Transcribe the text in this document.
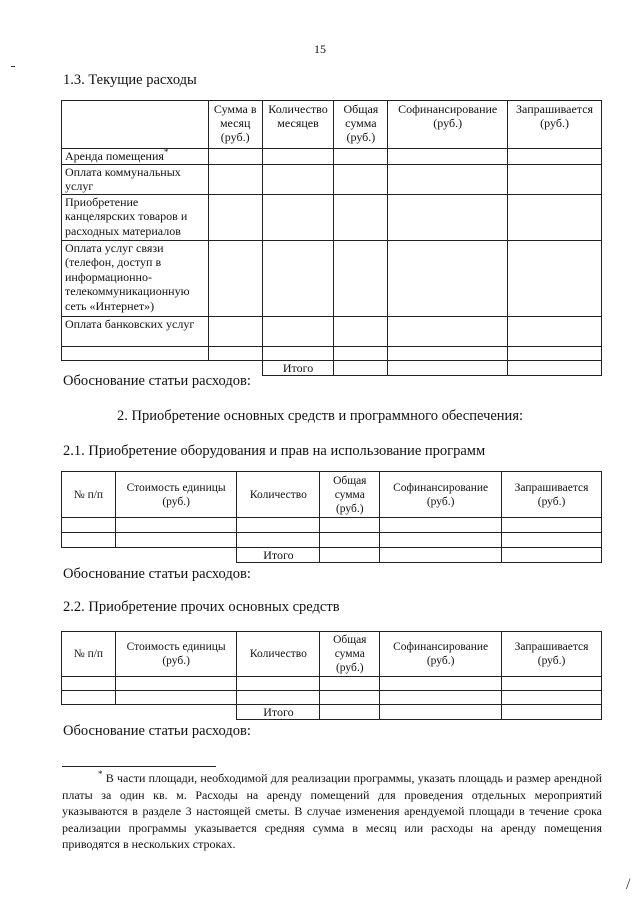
15
1.3. Текущие расходы
	Сумма в месяц (руб.)	Количество месяцев	Общая сумма (руб.)	Софинансирование (руб.)	Запрашивается (руб.)
Аренда помещения*					
Оплата коммунальных услуг					
Приобретение канцелярских товаров и расходных материалов					
Оплата услуг связи (телефон, доступ в информационно-телекоммуникационную сеть «Интернет»)					
Оплата банковских услуг					

		Итого			
Обоснование статьи расходов:
2. Приобретение основных средств и программного обеспечения:
2.1. Приобретение оборудования и прав на использование программ
№ п/п	Стоимость единицы (руб.)	Количество	Общая сумма (руб.)	Софинансирование (руб.)	Запрашивается (руб.)

		Итого			
Обоснование статьи расходов:
2.2. Приобретение прочих основных средств
№ п/п	Стоимость единицы (руб.)	Количество	Общая сумма (руб.)	Софинансирование (руб.)	Запрашивается (руб.)

		Итого			
Обоснование статьи расходов:
* В части площади, необходимой для реализации программы, указать площадь и размер арендной платы за один кв. м. Расходы на аренду помещений для проведения отдельных мероприятий указываются в разделе 3 настоящей сметы. В случае изменения арендуемой площади в течение срока реализации программы указывается средняя сумма в месяц или расходы на аренду помещения приводятся в нескольких строках.
/
